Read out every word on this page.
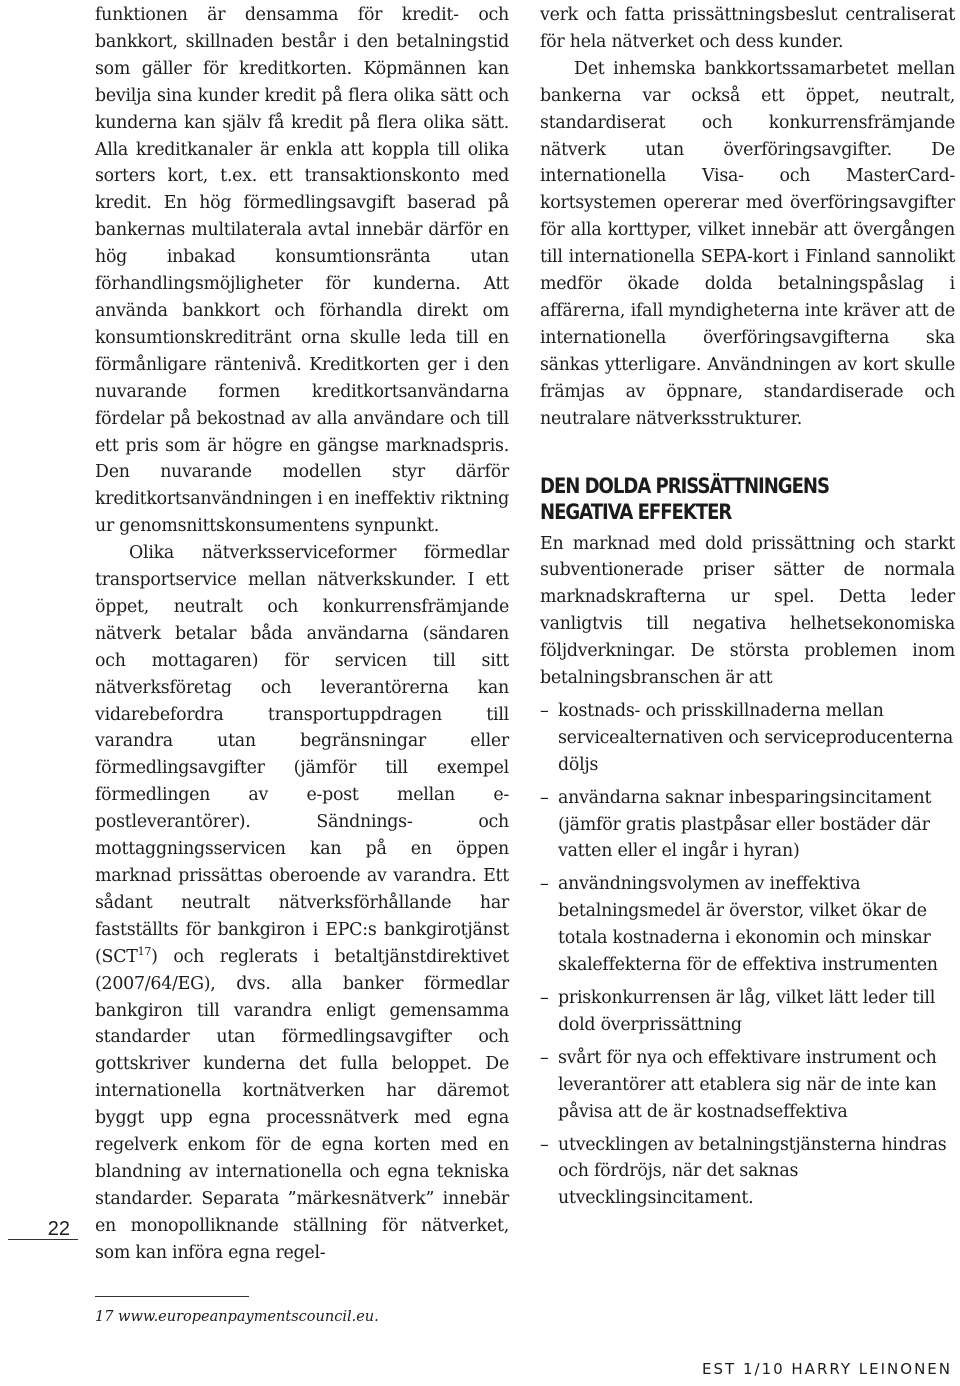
22

funktionen är densamma för kredit- och bankkort, skillnaden består i den betalningstid som gäller för kreditkorten. Köpmännen kan bevilja sina kunder kredit på flera olika sätt och kunderna kan själv få kredit på flera olika sätt. Alla kreditkanaler är enkla att koppla till olika sorters kort, t.ex. ett transaktionskonto med kredit. En hög förmedlingsavgift baserad på bankernas multilaterala avtal innebär därför en hög inbakad konsumtionsränta utan förhandlingsmöjligheter för kunderna. Att använda bankkort och förhandla direkt om konsumtionskreditränt orna skulle leda till en förmånligare räntenivå. Kreditkorten ger i den nuvarande formen kreditkortsanvändarna fördelar på bekostnad av alla användare och till ett pris som är högre en gängse marknadspris. Den nuvarande modellen styr därför kreditkortsanvändningen i en ineffektiv riktning ur genomsnittskonsumentens synpunkt.

Olika nätverksserviceformer förmedlar transportservice mellan nätverkskunder. I ett öppet, neutralt och konkurrensfrämjande nätverk betalar båda användarna (sändaren och mottagaren) för servicen till sitt nätverksföretag och leverantörerna kan vidarebefordra transportuppdragen till varandra utan begränsningar eller förmedlingsavgifter (jämför till exempel förmedlingen av e-post mellan e-postleverantörer). Sändnings- och mottaggningsservicen kan på en öppen marknad prissättas oberoende av varandra. Ett sådant neutralt nätverksförhållande har fastställts för bankgiron i EPC:s bankgirotjänst (SCT$^{17}$) och reglerats i betaltjänstdirektivet (2007/64/EG), dvs. alla banker förmedlar bankgiron till varandra enligt gemensamma standarder utan förmedlingsavgifter och gottskriver kunderna det fulla beloppet. De internationella kortnätverken har däremot byggt upp egna processnätverk med egna regelverk enkom för de egna korten med en blandning av internationella och egna tekniska standarder. Separata ”märkesnätverk” innebär en monopolliknande ställning för nätverket, som kan införa egna regel-

verk och fatta prissättningsbeslut centraliserat för hela nätverket och dess kunder.

Det inhemska bankkortssamarbetet mellan bankerna var också ett öppet, neutralt, standardiserat och konkurrensfrämjande nätverk utan överföringsavgifter. De internationella Visa- och MasterCard-kortsystemen opererar med överföringsavgifter för alla korttyper, vilket innebär att övergången till internationella SEPA-kort i Finland sannolikt medför ökade dolda betalningspåslag i affärerna, ifall myndigheterna inte kräver att de internationella överföringsavgifterna ska sänkas ytterligare. Användningen av kort skulle främjas av öppnare, standardiserade och neutralare nätverksstrukturer.

DEN DOLDA PRISSÄTTNINGENS
NEGATIVA EFFEKTER

En marknad med dold prissättning och starkt subventionerade priser sätter de normala marknadskrafterna ur spel. Detta leder vanligtvis till negativa helhetsekonomiska följdverkningar. De största problemen inom betalningsbranschen är att

– kostnads- och prisskillnaderna mellan servicealternativen och serviceproducenterna döljs
– användarna saknar inbesparingsincitament (jämför gratis plastpåsar eller bostäder där vatten eller el ingår i hyran)
– användningsvolymen av ineffektiva betalningsmedel är överstor, vilket ökar de totala kostnaderna i ekonomin och minskar skaleffekterna för de effektiva instrumenten
– priskonkurrensen är låg, vilket lätt leder till dold överprissättning
– svårt för nya och effektivare instrument och leverantörer att etablera sig när de inte kan påvisa att de är kostnadseffektiva
– utvecklingen av betalningstjänsterna hindras och fördröjs, när det saknas utvecklingsincitament.
17 www.europeanpaymentscouncil.eu.
EST 1/10 HARRY LEINONEN
